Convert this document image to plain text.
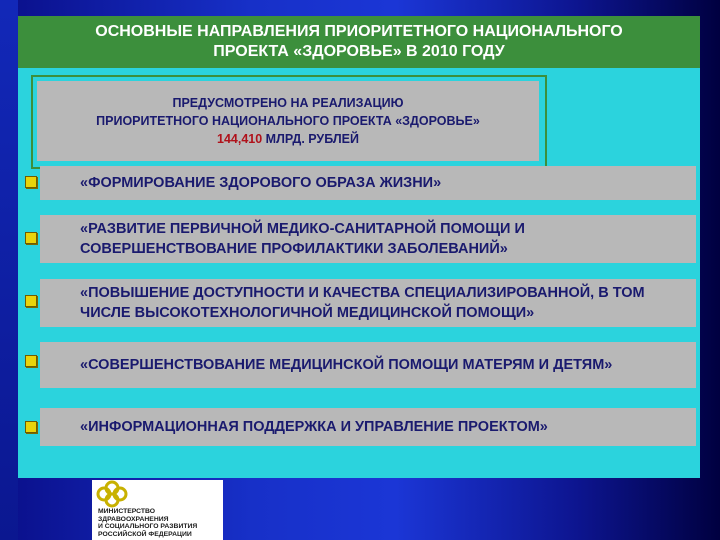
ОСНОВНЫЕ НАПРАВЛЕНИЯ ПРИОРИТЕТНОГО НАЦИОНАЛЬНОГО ПРОЕКТА «ЗДОРОВЬЕ» В 2010 ГОДУ
ПРЕДУСМОТРЕНО НА РЕАЛИЗАЦИЮ
ПРИОРИТЕТНОГО НАЦИОНАЛЬНОГО ПРОЕКТА «ЗДОРОВЬЕ»
144,410 МЛРД. РУБЛЕЙ
«ФОРМИРОВАНИЕ ЗДОРОВОГО ОБРАЗА ЖИЗНИ»
«РАЗВИТИЕ ПЕРВИЧНОЙ МЕДИКО-САНИТАРНОЙ ПОМОЩИ И СОВЕРШЕНСТВОВАНИЕ ПРОФИЛАКТИКИ ЗАБОЛЕВАНИЙ»
«ПОВЫШЕНИЕ ДОСТУПНОСТИ И КАЧЕСТВА СПЕЦИАЛИЗИРОВАННОЙ, В ТОМ ЧИСЛЕ ВЫСОКОТЕХНОЛОГИЧНОЙ МЕДИЦИНСКОЙ ПОМОЩИ»
«СОВЕРШЕНСТВОВАНИЕ МЕДИЦИНСКОЙ ПОМОЩИ МАТЕРЯМ И ДЕТЯМ»
«ИНФОРМАЦИОННАЯ ПОДДЕРЖКА И УПРАВЛЕНИЕ ПРОЕКТОМ»
МИНИСТЕРСТВО
ЗДРАВООХРАНЕНИЯ
И СОЦИАЛЬНОГО РАЗВИТИЯ
РОССИЙСКОЙ ФЕДЕРАЦИИ
